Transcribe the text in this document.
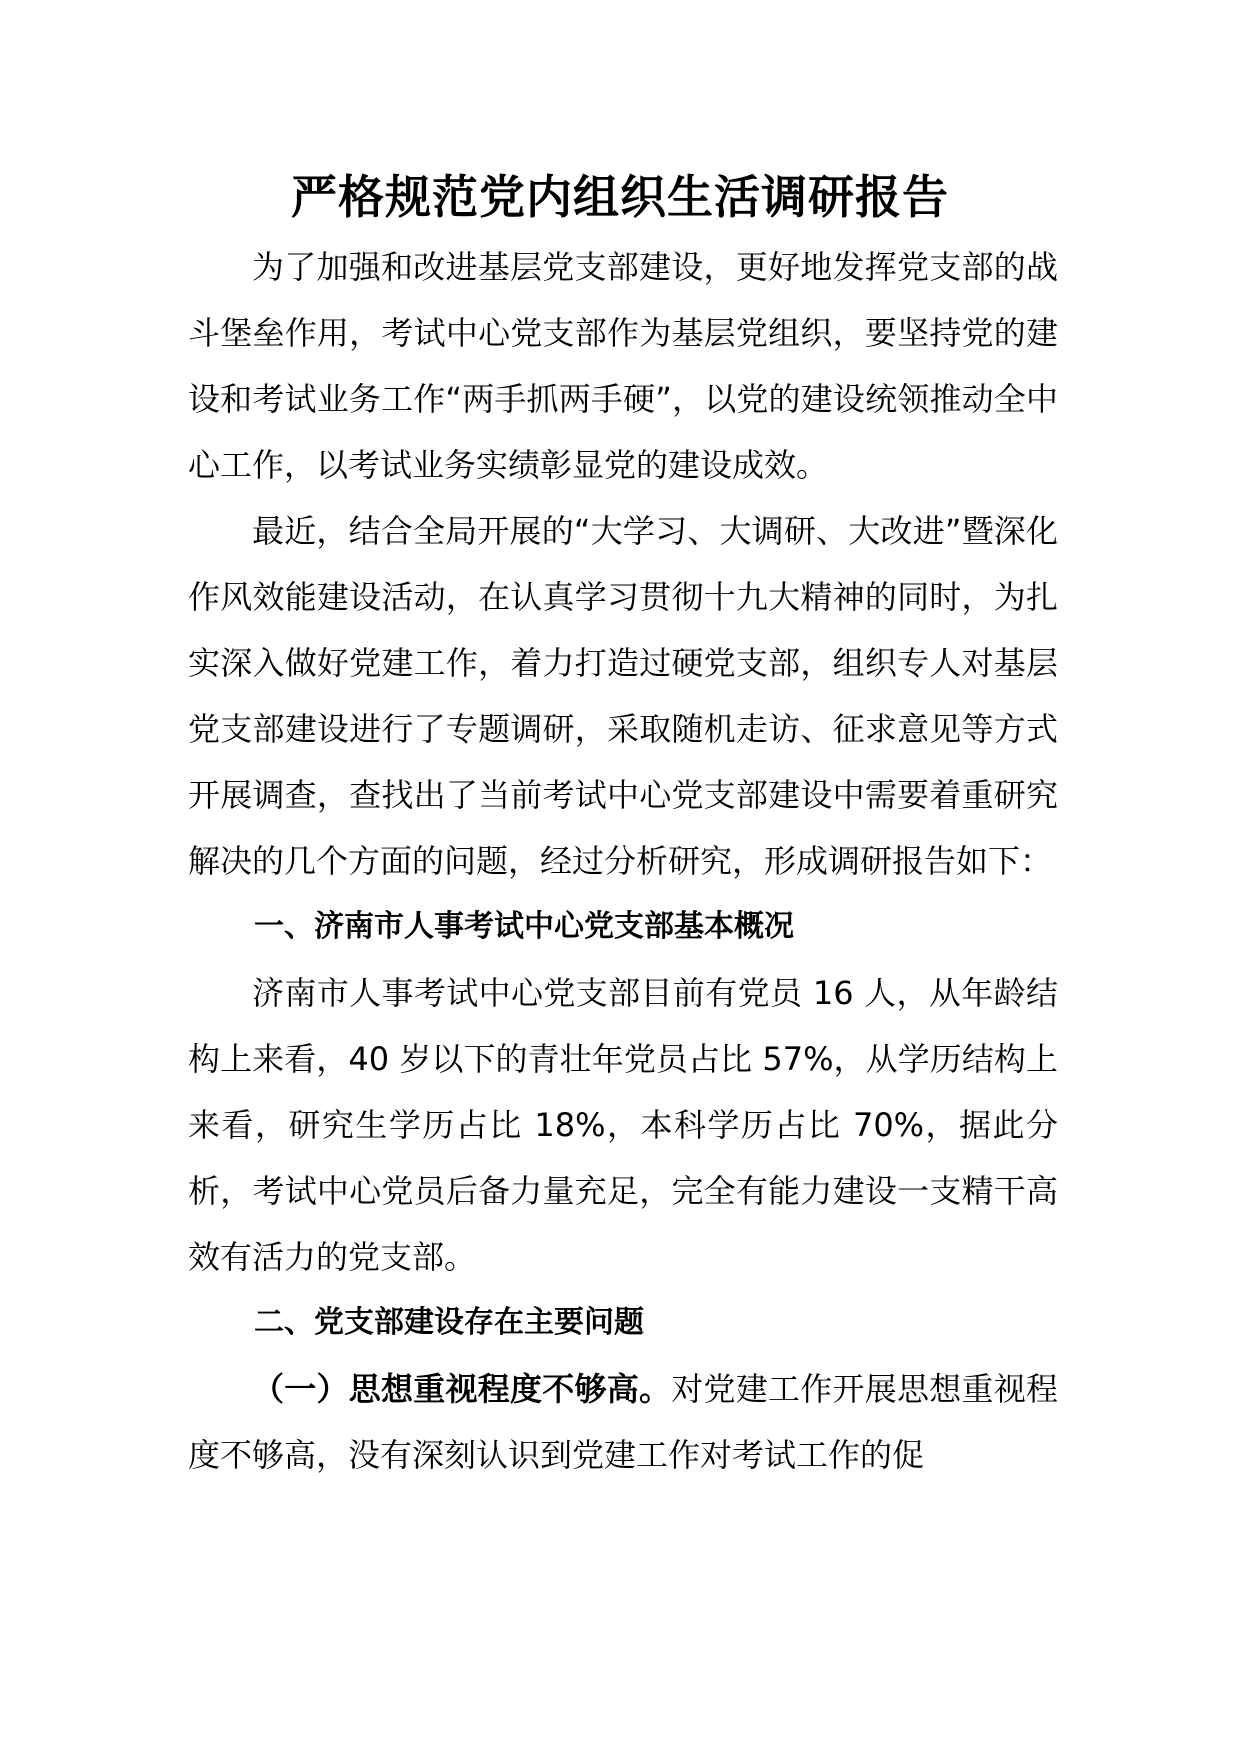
严格规范党内组织生活调研报告

为了加强和改进基层党支部建设，更好地发挥党支部的战斗堡垒作用，考试中心党支部作为基层党组织，要坚持党的建设和考试业务工作“两手抓两手硬”，以党的建设统领推动全中心工作，以考试业务实绩彰显党的建设成效。

最近，结合全局开展的“大学习、大调研、大改进”暨深化作风效能建设活动，在认真学习贯彻十九大精神的同时，为扎实深入做好党建工作，着力打造过硬党支部，组织专人对基层党支部建设进行了专题调研，采取随机走访、征求意见等方式开展调查，查找出了当前考试中心党支部建设中需要着重研究解决的几个方面的问题，经过分析研究，形成调研报告如下：

一、济南市人事考试中心党支部基本概况

济南市人事考试中心党支部目前有党员 16 人，从年龄结构上来看，40 岁以下的青壮年党员占比 57%，从学历结构上来看，研究生学历占比 18%，本科学历占比 70%，据此分析，考试中心党员后备力量充足，完全有能力建设一支精干高效有活力的党支部。

二、党支部建设存在主要问题

（一）思想重视程度不够高。对党建工作开展思想重视程度不够高，没有深刻认识到党建工作对考试工作的促
